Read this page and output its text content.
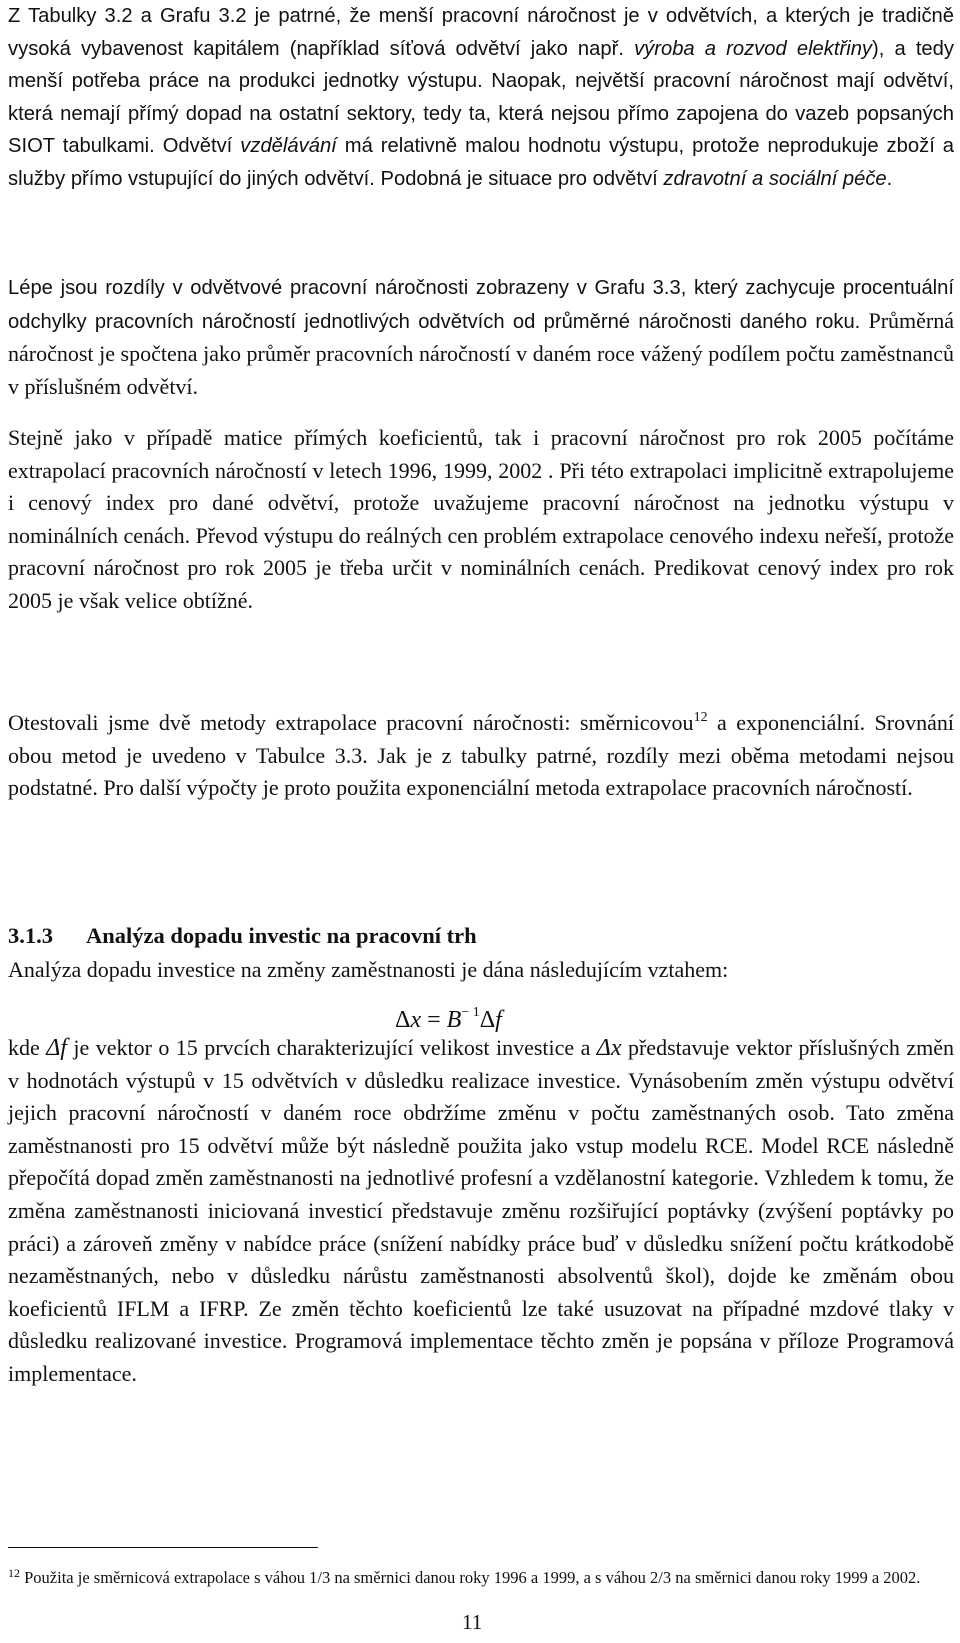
Z Tabulky 3.2 a Grafu 3.2 je patrné, že menší pracovní náročnost je v odvětvích, a kterých je tradičně vysoká vybavenost kapitálem (například síťová odvětví jako např. výroba a rozvod elektřiny), a tedy menší potřeba práce na produkci jednotky výstupu. Naopak, největší pracovní náročnost mají odvětví, která nemají přímý dopad na ostatní sektory, tedy ta, která nejsou přímo zapojena do vazeb popsaných SIOT tabulkami. Odvětví vzdělávání má relativně malou hodnotu výstupu, protože neprodukuje zboží a služby přímo vstupující do jiných odvětví. Podobná je situace pro odvětví zdravotní a sociální péče.

Lépe jsou rozdíly v odvětvové pracovní náročnosti zobrazeny v Grafu 3.3, který zachycuje procentuální odchylky pracovních náročností jednotlivých odvětvích od průměrné náročnosti daného roku. Průměrná náročnost je spočtena jako průměr pracovních náročností v daném roce vážený podílem počtu zaměstnanců v příslušném odvětví.

Stejně jako v případě matice přímých koeficientů, tak i pracovní náročnost pro rok 2005 počítáme extrapolací pracovních náročností v letech 1996, 1999, 2002 . Při této extrapolaci implicitně extrapolujeme i cenový index pro dané odvětví, protože uvažujeme pracovní náročnost na jednotku výstupu v nominálních cenách. Převod výstupu do reálných cen problém extrapolace cenového indexu neřeší, protože pracovní náročnost pro rok 2005 je třeba určit v nominálních cenách. Predikovat cenový index pro rok 2005 je však velice obtížné.

Otestovali jsme dvě metody extrapolace pracovní náročnosti: směrnicovou$^{12}$ a exponenciální. Srovnání obou metod je uvedeno v Tabulce 3.3. Jak je z tabulky patrné, rozdíly mezi oběma metodami nejsou podstatné. Pro další výpočty je proto použita exponenciální metoda extrapolace pracovních náročností.

3.1.3 Analýza dopadu investic na pracovní trh

Analýza dopadu investice na změny zaměstnanosti je dána následujícím vztahem:

$\Delta x = B^{- 1}\Delta f$

kde Δf je vektor o 15 prvcích charakterizující velikost investice a Δx představuje vektor příslušných změn v hodnotách výstupů v 15 odvětvích v důsledku realizace investice. Vynásobením změn výstupu odvětví jejich pracovní náročností v daném roce obdržíme změnu v počtu zaměstnaných osob. Tato změna zaměstnanosti pro 15 odvětví může být následně použita jako vstup modelu RCE. Model RCE následně přepočítá dopad změn zaměstnanosti na jednotlivé profesní a vzdělanostní kategorie. Vzhledem k tomu, že změna zaměstnanosti iniciovaná investicí představuje změnu rozšiřující poptávky (zvýšení poptávky po práci) a zároveň změny v nabídce práce (snížení nabídky práce buď v důsledku snížení počtu krátkodobě nezaměstnaných, nebo v důsledku nárůstu zaměstnanosti absolventů škol), dojde ke změnám obou koeficientů IFLM a IFRP. Ze změn těchto koeficientů lze také usuzovat na případné mzdové tlaky v důsledku realizované investice. Programová implementace těchto změn je popsána v příloze Programová implementace.

$^{12}$ Použita je směrnicová extrapolace s váhou 1/3 na směrnici danou roky 1996 a 1999, a s váhou 2/3 na směrnici danou roky 1999 a 2002.

11
